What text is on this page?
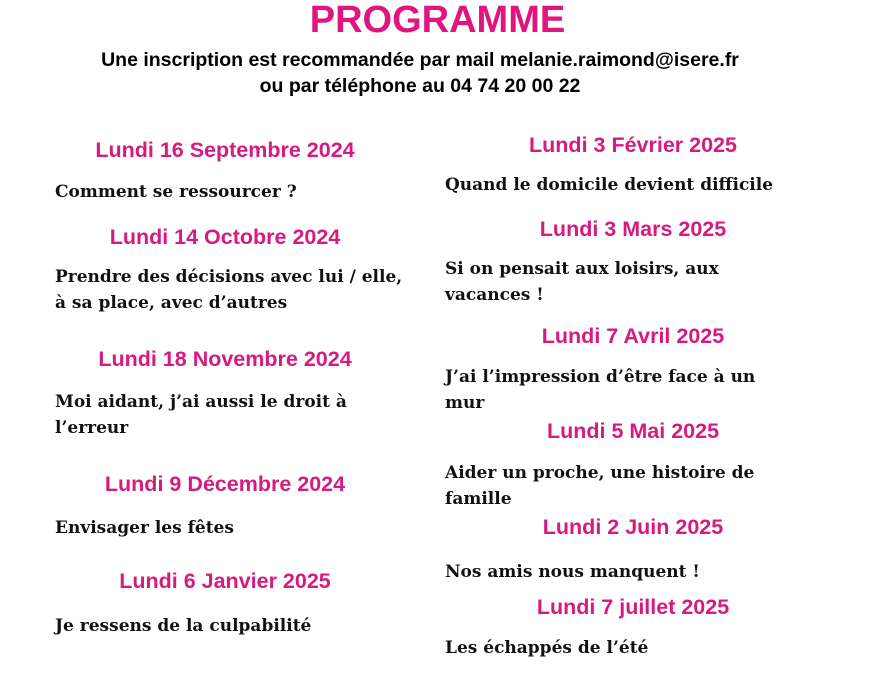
PROGRAMME

Une inscription est recommandée par mail melanie.raimond@isere.fr

ou par téléphone au 04 74 20 00 22

Lundi 16 Septembre 2024

Comment se ressourcer ?

Lundi 14 Octobre 2024

Prendre des décisions avec lui / elle, à sa place, avec d’autres

Lundi 18 Novembre 2024

Moi aidant, j’ai aussi le droit à l’erreur

Lundi 9 Décembre 2024

Envisager les fêtes

Lundi 6 Janvier 2025

Je ressens de la culpabilité

Lundi 3 Février 2025

Quand le domicile devient difficile

Lundi 3 Mars 2025

Si on pensait aux loisirs, aux vacances !

Lundi 7 Avril 2025

J’ai l’impression d’être face à un mur

Lundi 5 Mai 2025

Aider un proche, une histoire de famille

Lundi 2 Juin 2025

Nos amis nous manquent !

Lundi 7 juillet 2025

Les échappés de l’été
